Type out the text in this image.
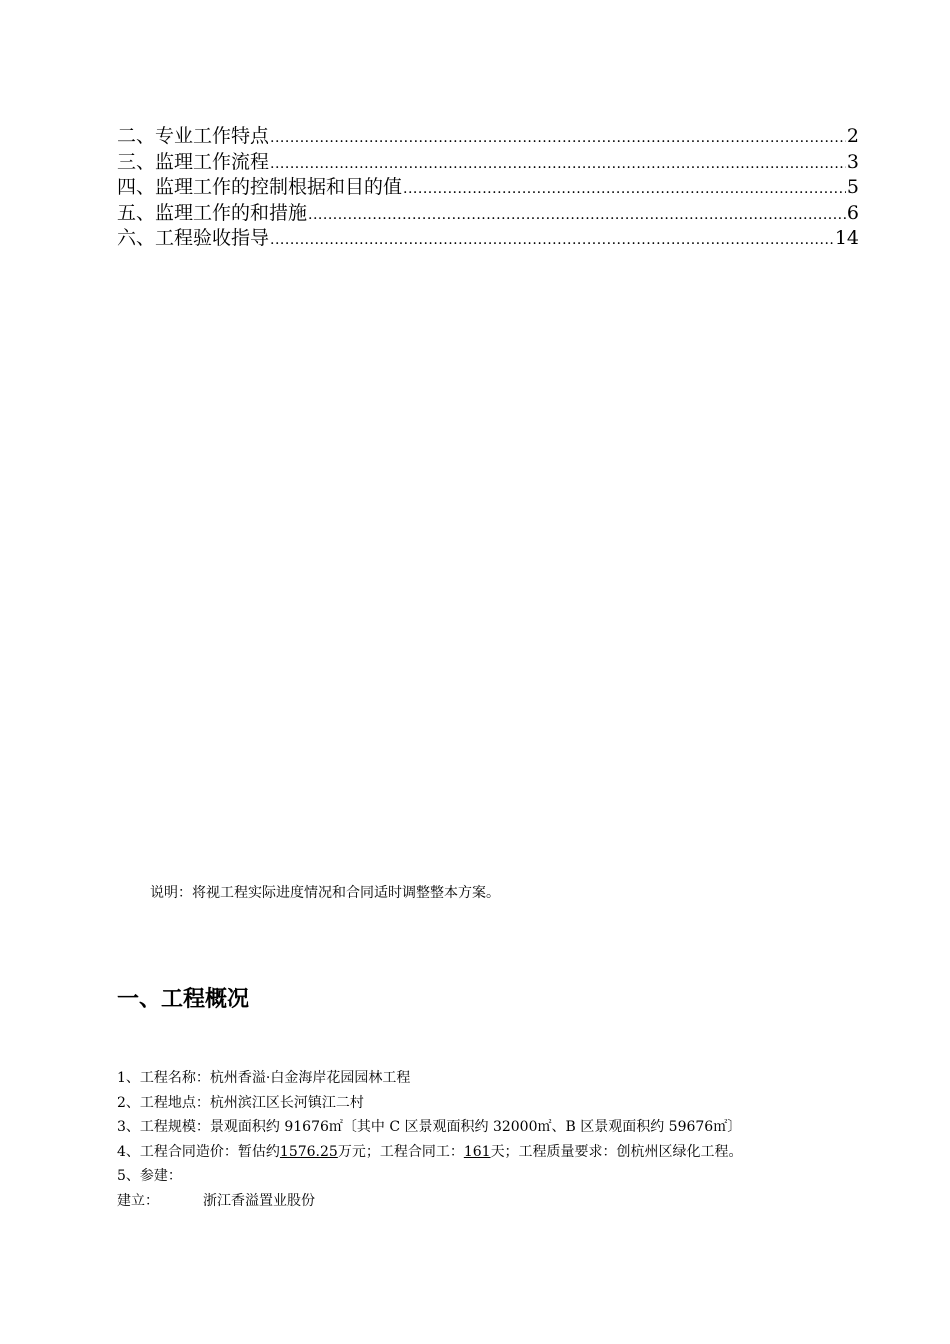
二、专业工作特点 .....	2
三、监理工作流程 .....	3
四、监理工作的控制根据和目的值 .....	5
五、监理工作的和措施 .....	6
六、工程验收指导 .....	14
说明：将视工程实际进度情况和合同适时调整整本方案。
一、工程概况
1、工程名称：杭州香溢·白金海岸花园园林工程
2、工程地点：杭州滨江区长河镇江二村
3、工程规模：景观面积约 91676㎡〔其中 C 区景观面积约 32000㎡、B 区景观面积约 59676㎡〕
4、工程合同造价：暂估约1576.25万元；工程合同工：161天；工程质量要求：创杭州区绿化工程。
5、参建：
建立：	浙江香溢置业股份
